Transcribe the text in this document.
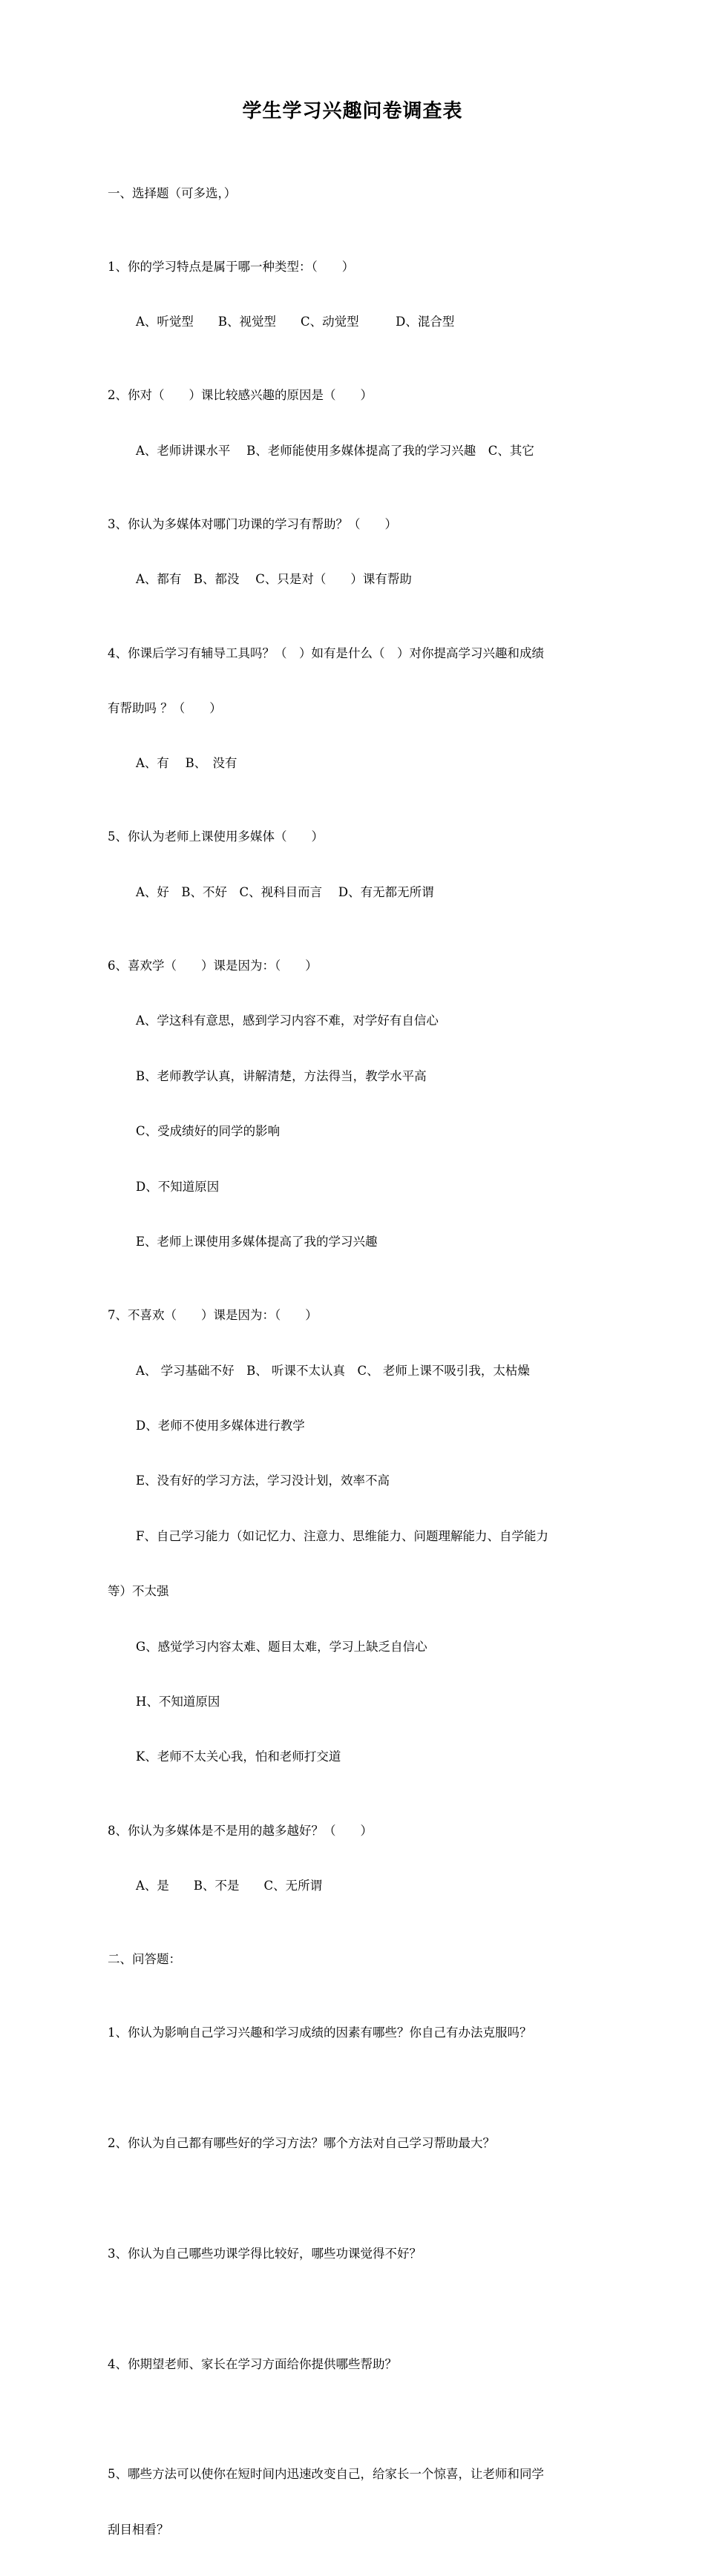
学生学习兴趣问卷调查表

一、选择题（可多选，）

1、你的学习特点是属于哪一种类型：（　　）

A、听觉型　　B、视觉型　　C、动觉型　　　D、混合型

2、你对（　　）课比较感兴趣的原因是（　　）

A、老师讲课水平　 B、老师能使用多媒体提高了我的学习兴趣　C、其它

3、你认为多媒体对哪门功课的学习有帮助？（　　）

A、都有　B、都没　 C、只是对（　　）课有帮助

4、你课后学习有辅导工具吗？（　）如有是什么（　）对你提高学习兴趣和成绩

有帮助吗 ？（　　）

A、有　 B、　没有

5、你认为老师上课使用多媒体（　　）

A、好　B、不好　C、视科目而言　 D、有无都无所谓

6、喜欢学（　　）课是因为：（　　）

A、学这科有意思，感到学习内容不难，对学好有自信心

B、老师教学认真，讲解清楚，方法得当，教学水平高

C、受成绩好的同学的影响

D、不知道原因

E、老师上课使用多媒体提高了我的学习兴趣

7、不喜欢（　　）课是因为：（　　）

A、 学习基础不好　B、 听课不太认真　C、 老师上课不吸引我，太枯燥

D、老师不使用多媒体进行教学

E、没有好的学习方法，学习没计划，效率不高

F、自己学习能力（如记忆力、注意力、思维能力、问题理解能力、自学能力

等）不太强

G、感觉学习内容太难、题目太难，学习上缺乏自信心

H、不知道原因

K、老师不太关心我，怕和老师打交道

8、你认为多媒体是不是用的越多越好？（　　）

A、是　　B、不是　　C、无所谓

二、问答题：

1、你认为影响自己学习兴趣和学习成绩的因素有哪些？你自己有办法克服吗？

2、你认为自己都有哪些好的学习方法？哪个方法对自己学习帮助最大？

3、你认为自己哪些功课学得比较好，哪些功课觉得不好？

4、你期望老师、家长在学习方面给你提供哪些帮助？

5、哪些方法可以使你在短时间内迅速改变自己，给家长一个惊喜，让老师和同学

刮目相看？
